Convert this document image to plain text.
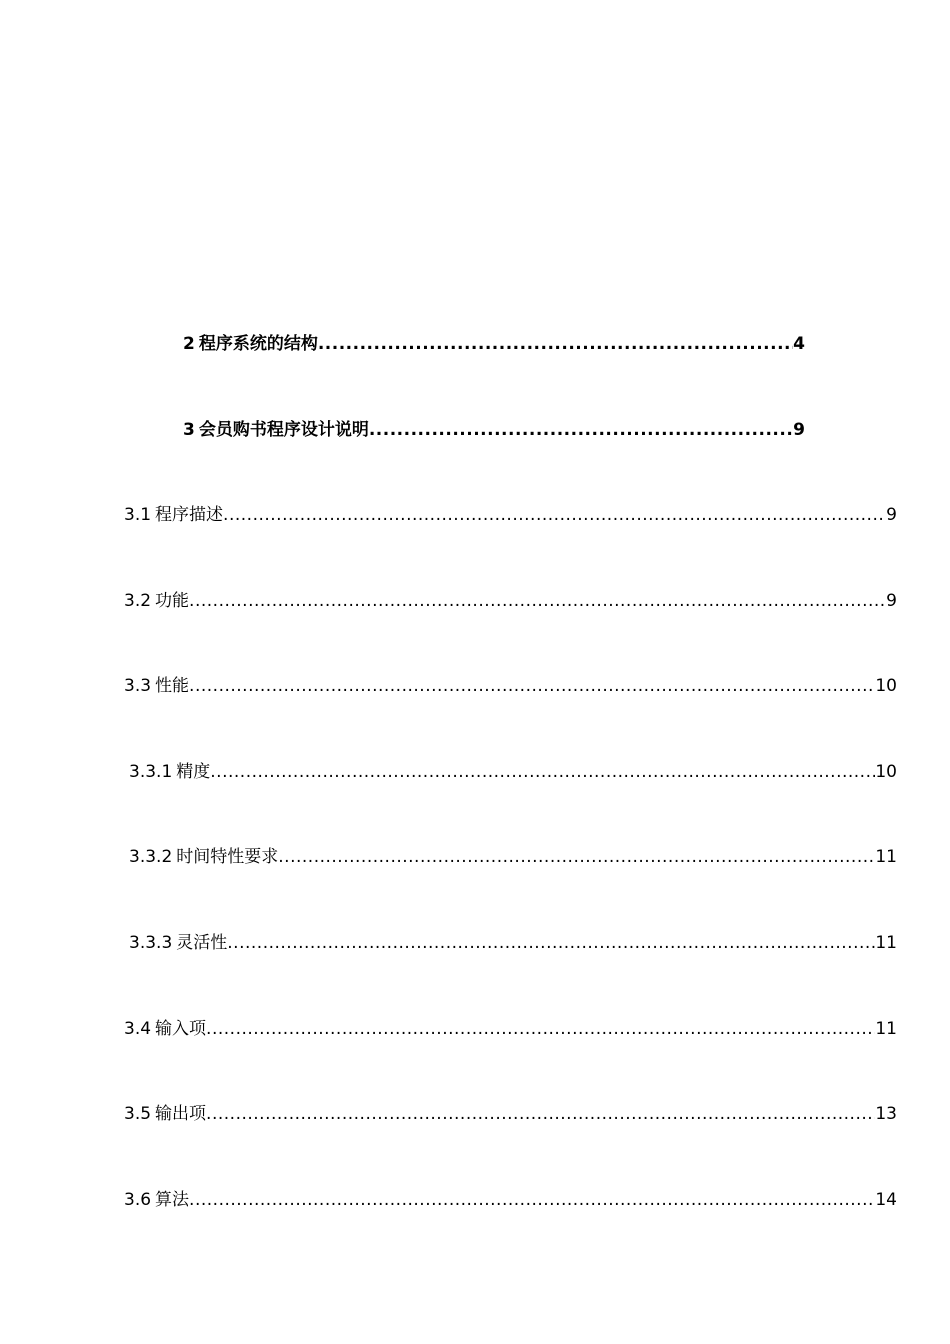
2 程序系统的结构 .....	4
3 会员购书程序设计说明 .....	9
3.1 程序描述 .....	9
3.2 功能 .....	9
3.3 性能 .....	10
3.3.1 精度 .....	10
3.3.2 时间特性要求 .....	11
3.3.3 灵活性 .....	11
3.4 输入项 .....	11
3.5 输出项 .....	13
3.6 算法 .....	14
